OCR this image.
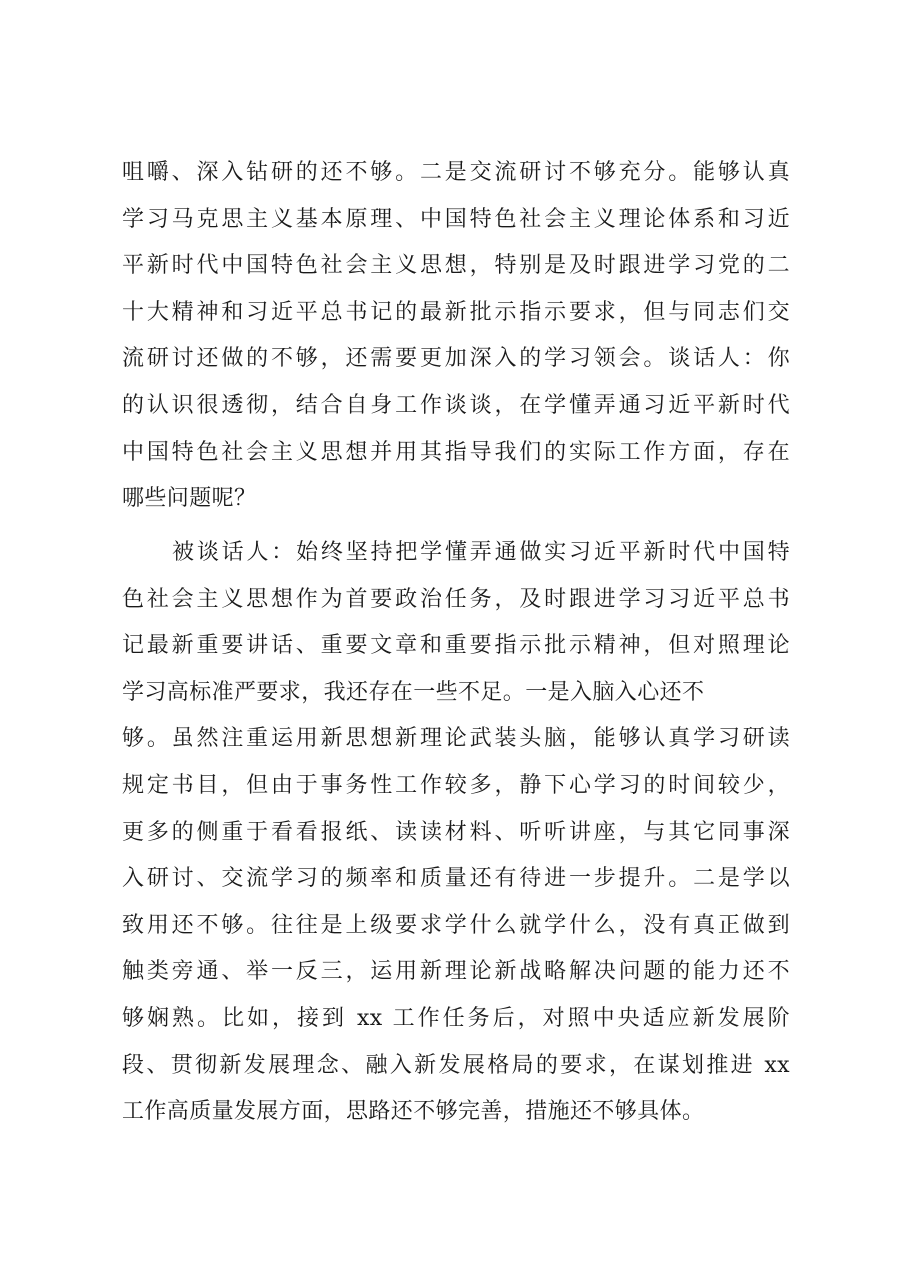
咀嚼、深入钻研的还不够。二是交流研讨不够充分。能够认真
学习马克思主义基本原理、中国特色社会主义理论体系和习近
平新时代中国特色社会主义思想，特别是及时跟进学习党的二
十大精神和习近平总书记的最新批示指示要求，但与同志们交
流研讨还做的不够，还需要更加深入的学习领会。谈话人：你
的认识很透彻，结合自身工作谈谈，在学懂弄通习近平新时代
中国特色社会主义思想并用其指导我们的实际工作方面，存在
哪些问题呢？
被谈话人：始终坚持把学懂弄通做实习近平新时代中国特
色社会主义思想作为首要政治任务，及时跟进学习习近平总书
记最新重要讲话、重要文章和重要指示批示精神，但对照理论
学习高标准严要求，我还存在一些不足。一是入脑入心还不
够。虽然注重运用新思想新理论武装头脑，能够认真学习研读
规定书目，但由于事务性工作较多，静下心学习的时间较少，
更多的侧重于看看报纸、读读材料、听听讲座，与其它同事深
入研讨、交流学习的频率和质量还有待进一步提升。二是学以
致用还不够。往往是上级要求学什么就学什么，没有真正做到
触类旁通、举一反三，运用新理论新战略解决问题的能力还不
够娴熟。比如，接到 xx 工作任务后，对照中央适应新发展阶
段、贯彻新发展理念、融入新发展格局的要求，在谋划推进 xx
工作高质量发展方面，思路还不够完善，措施还不够具体。
